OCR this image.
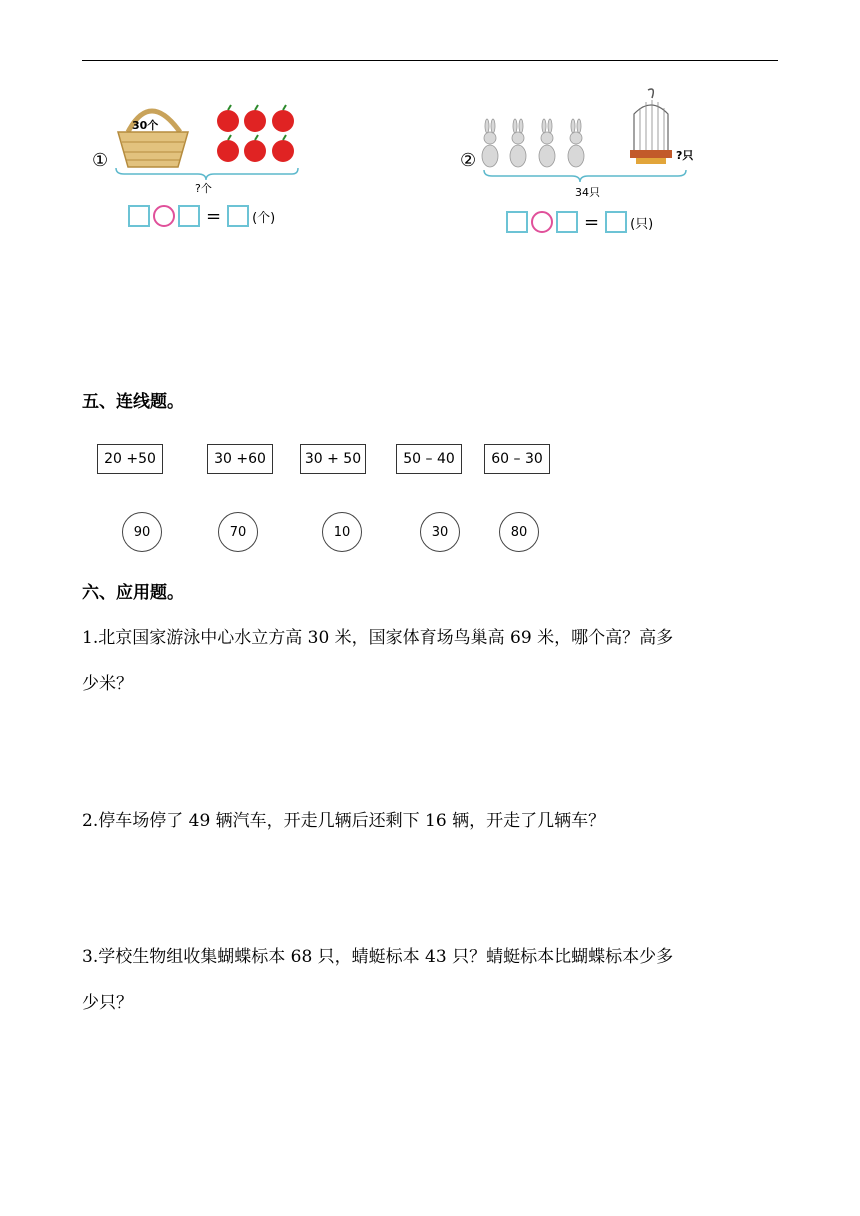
①
30个
?个
= (个)
②	?只
34只
= (只)
五、连线题。
20 +50	30 +60	30 + 50	50 – 40	60 – 30
90	70	10	30	80
六、应用题。
1.北京国家游泳中心水立方高 30 米，国家体育场鸟巢高 69 米，哪个高？高多
少米？
2.停车场停了 49 辆汽车，开走几辆后还剩下 16 辆，开走了几辆车？
3.学校生物组收集蝴蝶标本 68 只，蜻蜓标本 43 只？蜻蜓标本比蝴蝶标本少多
少只？
